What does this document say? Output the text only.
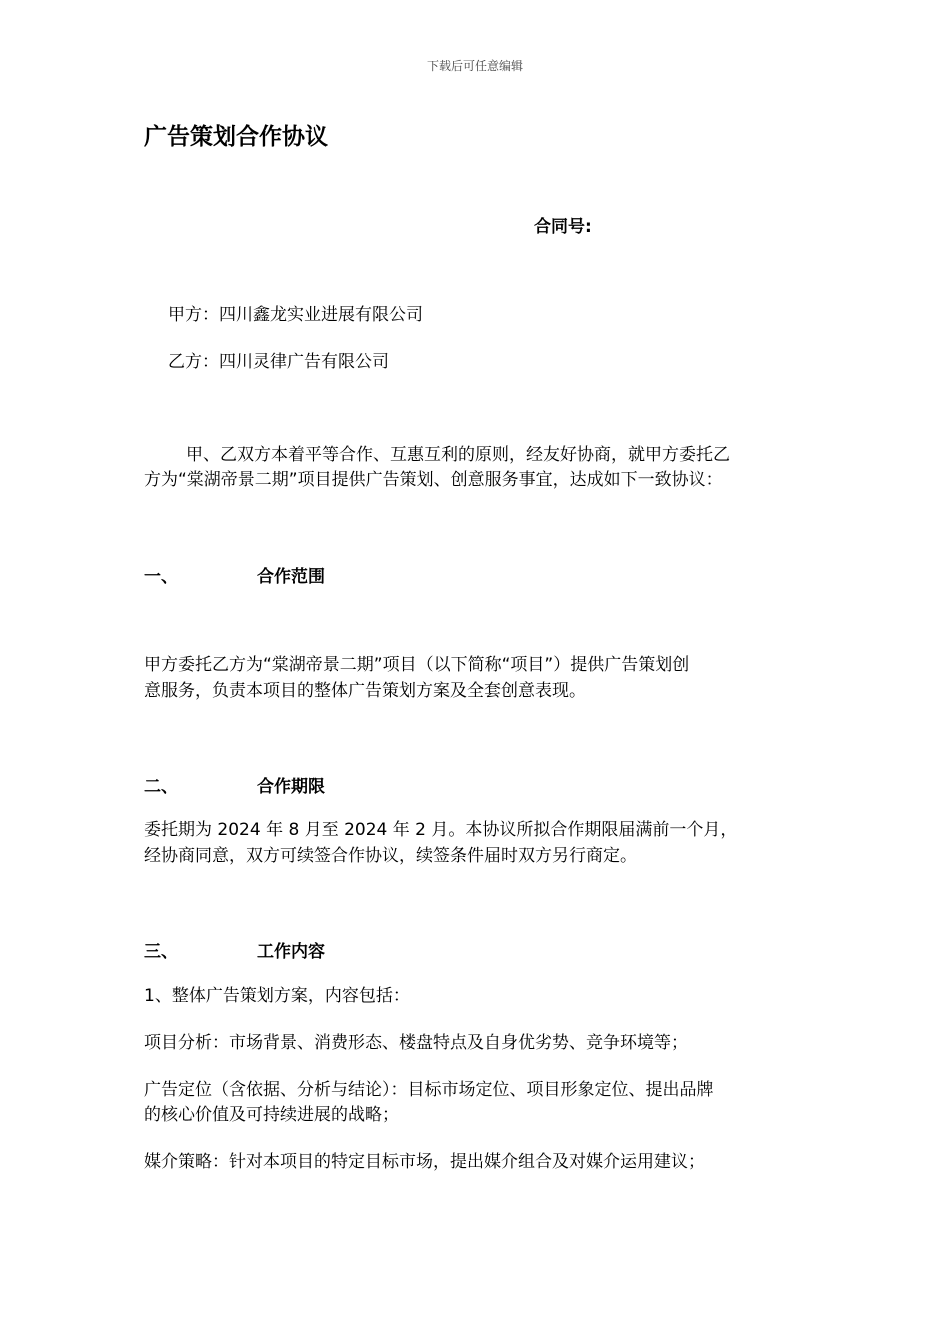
下载后可任意编辑
广告策划合作协议
合同号:
甲方：四川鑫龙实业进展有限公司
乙方：四川灵律广告有限公司
甲、乙双方本着平等合作、互惠互利的原则，经友好协商，就甲方委托乙
方为“棠湖帝景二期”项目提供广告策划、创意服务事宜，达成如下一致协议：
一、	合作范围
甲方委托乙方为“棠湖帝景二期”项目（以下简称“项目”）提供广告策划创
意服务，负责本项目的整体广告策划方案及全套创意表现。
二、	合作期限
委托期为 2024 年 8 月至 2024 年 2 月。本协议所拟合作期限届满前一个月，
经协商同意，双方可续签合作协议，续签条件届时双方另行商定。
三、	工作内容
1、整体广告策划方案，内容包括：
项目分析：市场背景、消费形态、楼盘特点及自身优劣势、竞争环境等；
广告定位（含依据、分析与结论）：目标市场定位、项目形象定位、提出品牌
的核心价值及可持续进展的战略；
媒介策略：针对本项目的特定目标市场，提出媒介组合及对媒介运用建议；
